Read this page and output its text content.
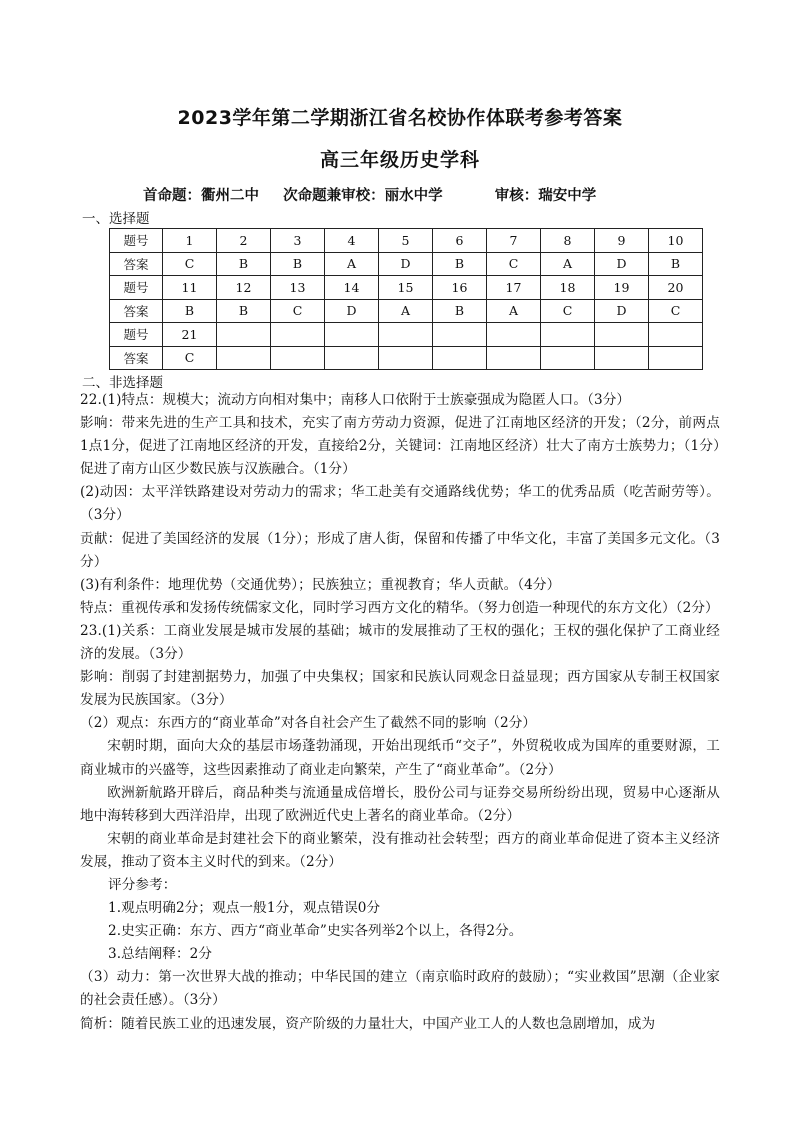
2023学年第二学期浙江省名校协作体联考参考答案
高三年级历史学科
首命题：衢州二中 次命题兼审校：丽水中学	审核：瑞安中学
一、选择题
题号	1	2	3	4	5	6	7	8	9	10
答案	C	B	B	A	D	B	C	A	D	B
题号	11	12	13	14	15	16	17	18	19	20
答案	B	B	C	D	A	B	A	C	D	C
题号	21									
答案	C									
二、非选择题

22.(1)特点：规模大；流动方向相对集中；南移人口依附于士族豪强成为隐匿人口。（3分）

影响：带来先进的生产工具和技术，充实了南方劳动力资源，促进了江南地区经济的开发；（2分，前两点1点1分，促进了江南地区经济的开发，直接给2分，关键词：江南地区经济）壮大了南方士族势力；（1分）促进了南方山区少数民族与汉族融合。（1分）

(2)动因：太平洋铁路建设对劳动力的需求；华工赴美有交通路线优势；华工的优秀品质（吃苦耐劳等）。（3分）

贡献：促进了美国经济的发展（1分）；形成了唐人街，保留和传播了中华文化，丰富了美国多元文化。（3分）

(3)有利条件：地理优势（交通优势）；民族独立；重视教育；华人贡献。（4分）

特点：重视传承和发扬传统儒家文化，同时学习西方文化的精华。（努力创造一种现代的东方文化）（2分）

23.(1)关系：工商业发展是城市发展的基础；城市的发展推动了王权的强化；王权的强化保护了工商业经济的发展。（3分）

影响：削弱了封建割据势力，加强了中央集权；国家和民族认同观念日益显现；西方国家从专制王权国家发展为民族国家。（3分）

（2）观点：东西方的“商业革命”对各自社会产生了截然不同的影响（2分）

宋朝时期，面向大众的基层市场蓬勃涌现，开始出现纸币“交子”，外贸税收成为国库的重要财源，工商业城市的兴盛等，这些因素推动了商业走向繁荣，产生了“商业革命”。（2分）

欧洲新航路开辟后，商品种类与流通量成倍增长，股份公司与证券交易所纷纷出现，贸易中心逐渐从地中海转移到大西洋沿岸，出现了欧洲近代史上著名的商业革命。（2分）

宋朝的商业革命是封建社会下的商业繁荣，没有推动社会转型；西方的商业革命促进了资本主义经济发展，推动了资本主义时代的到来。（2分）

评分参考：

1.观点明确2分；观点一般1分，观点错误0分

2.史实正确：东方、西方“商业革命”史实各列举2个以上，各得2分。

3.总结阐释：2分

（3）动力：第一次世界大战的推动；中华民国的建立（南京临时政府的鼓励）；“实业救国”思潮（企业家的社会责任感）。（3分）

简析：随着民族工业的迅速发展，资产阶级的力量壮大，中国产业工人的人数也急剧增加，成为
